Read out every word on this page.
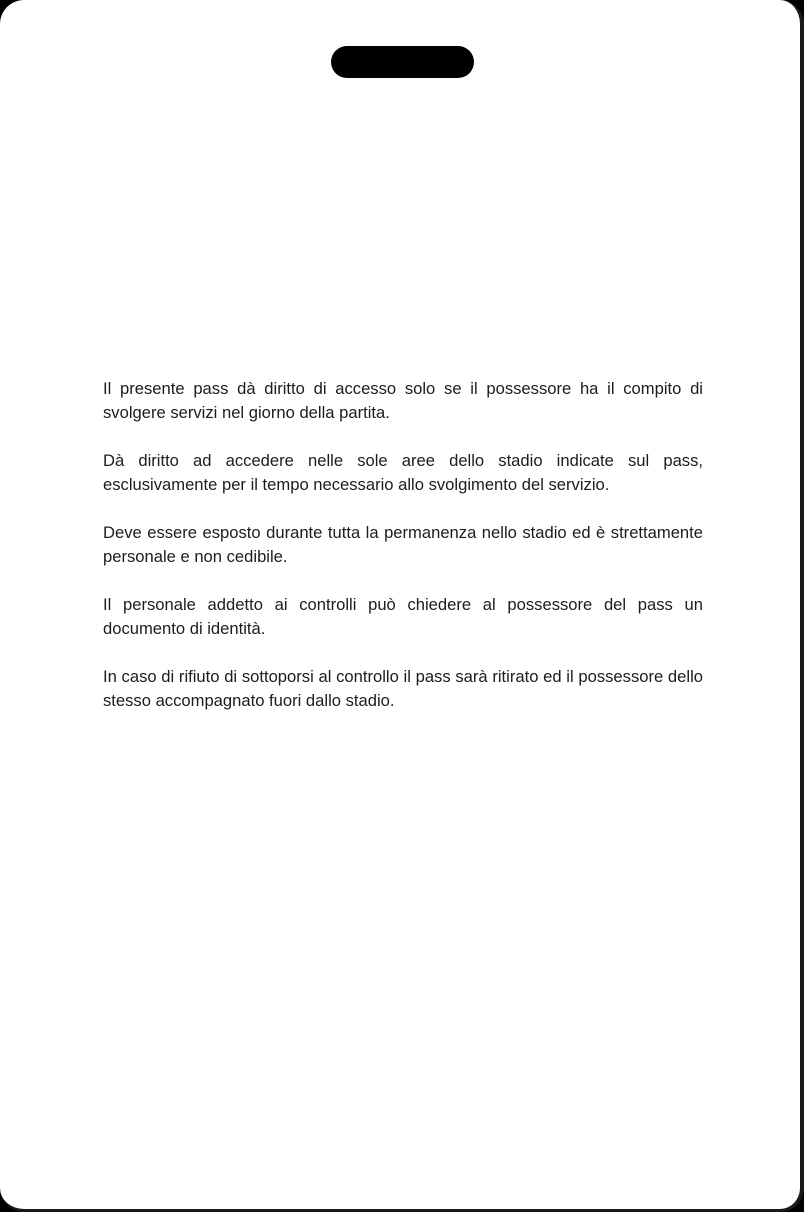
Il presente pass dà diritto di accesso solo se il possessore ha il compito di svolgere servizi nel giorno della partita.

Dà diritto ad accedere nelle sole aree dello stadio indicate sul pass, esclusivamente per il tempo necessario allo svolgimento del servizio.

Deve essere esposto durante tutta la permanenza nello stadio ed è strettamente personale e non cedibile.

Il personale addetto ai controlli può chiedere al possessore del pass un documento di identità.

In caso di rifiuto di sottoporsi al controllo il pass sarà ritirato ed il possessore dello stesso accompagnato fuori dallo stadio.
